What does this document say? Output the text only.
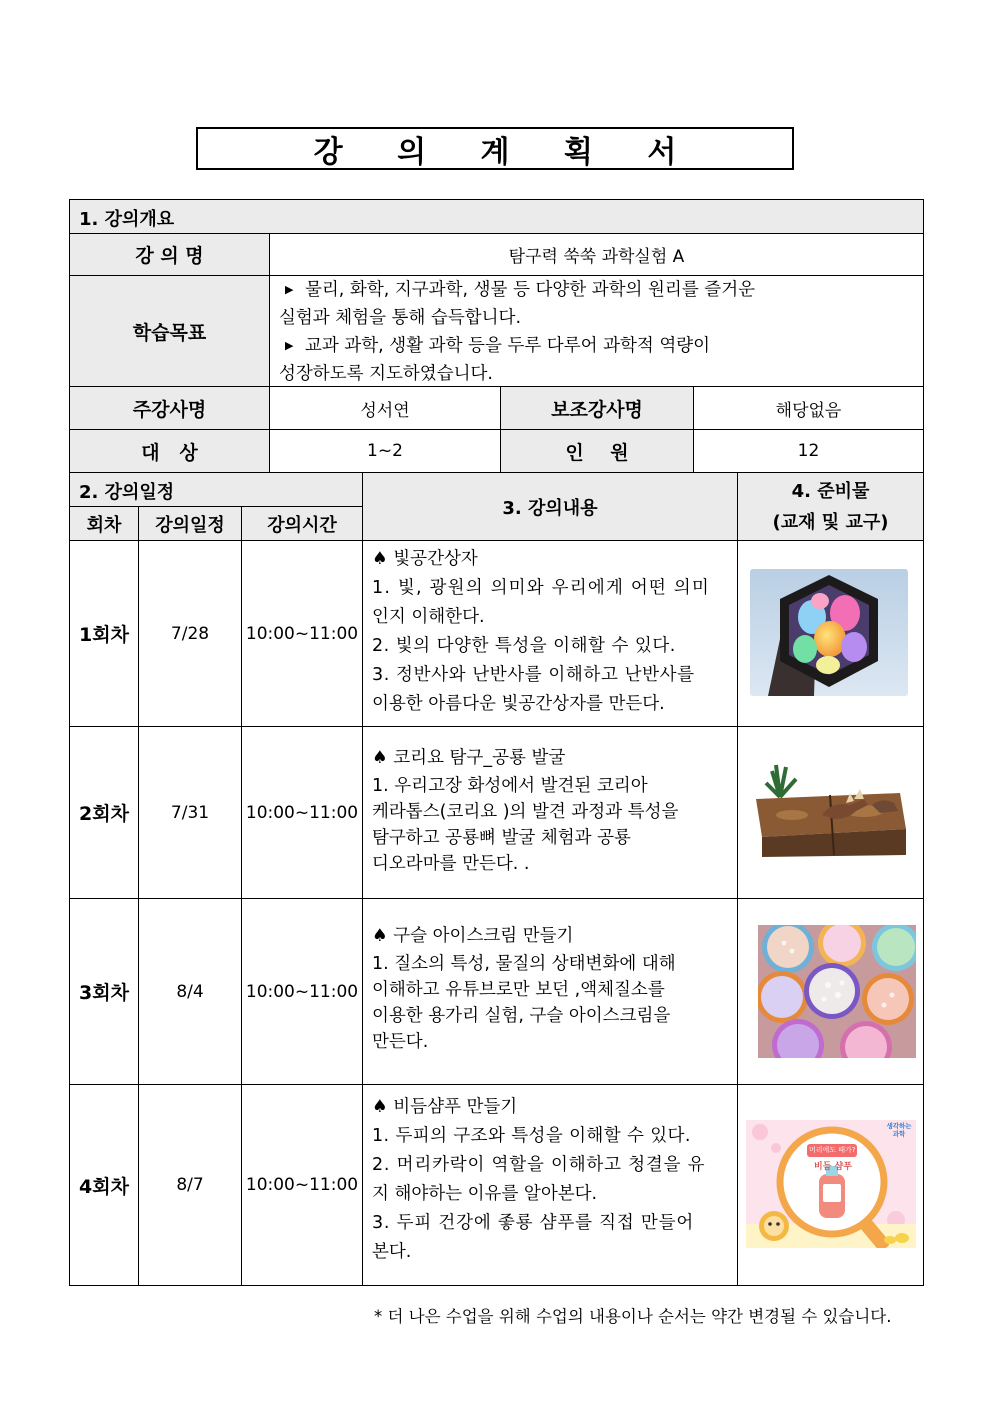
강 의 계 획 서
1. 강의개요
강 의 명	탐구력 쑥쑥 과학실험 A
학습목표

▶ 물리, 화학, 지구과학, 생물 등 다양한 과학의 원리를 즐거운

실험과 체험을 통해 습득합니다.

▶ 교과 과학, 생활 과학 등을 두루 다루어 과학적 역량이

성장하도록 지도하였습니다.

주강사명	성서연	보조강사명	해당없음
대   상	1~2	인    원	12
2. 강의일정
회차	강의일정	강의시간
3. 강의내용
4. 준비물
(교재 및 교구)
1회차	7/28	10:00~11:00

♠ 빛공간상자

1. 빛, 광원의 의미와 우리에게 어떤 의미

인지 이해한다.

2. 빛의 다양한 특성을 이해할 수 있다.

3. 정반사와 난반사를 이해하고 난반사를

이용한 아름다운 빛공간상자를 만든다.

2회차	7/31	10:00~11:00

♠ 코리요 탐구_공룡 발굴

1. 우리고장 화성에서 발견된 코리아

케라톱스(코리요 )의 발견 과정과 특성을

탐구하고 공룡뼈 발굴 체험과 공룡

디오라마를 만든다. .

3회차	8/4	10:00~11:00

♠ 구슬 아이스크림 만들기

1. 질소의 특성, 물질의 상태변화에 대해

이해하고 유튜브로만 보던 ,액체질소를

이용한 용가리 실험, 구슬 아이스크림을

만든다.

4회차	8/7	10:00~11:00

♠ 비듬샴푸 만들기

1. 두피의 구조와 특성을 이해할 수 있다.

2. 머리카락이 역할을 이해하고 청결을 유

지 해야하는 이유를 알아본다.

3. 두피 건강에 좋룡 샴푸를 직접 만들어

본다.

머리에도 때가?
비듬 샴푸
생각하는 과학
* 더 나은 수업을 위해 수업의 내용이나 순서는 약간 변경될 수 있습니다.
